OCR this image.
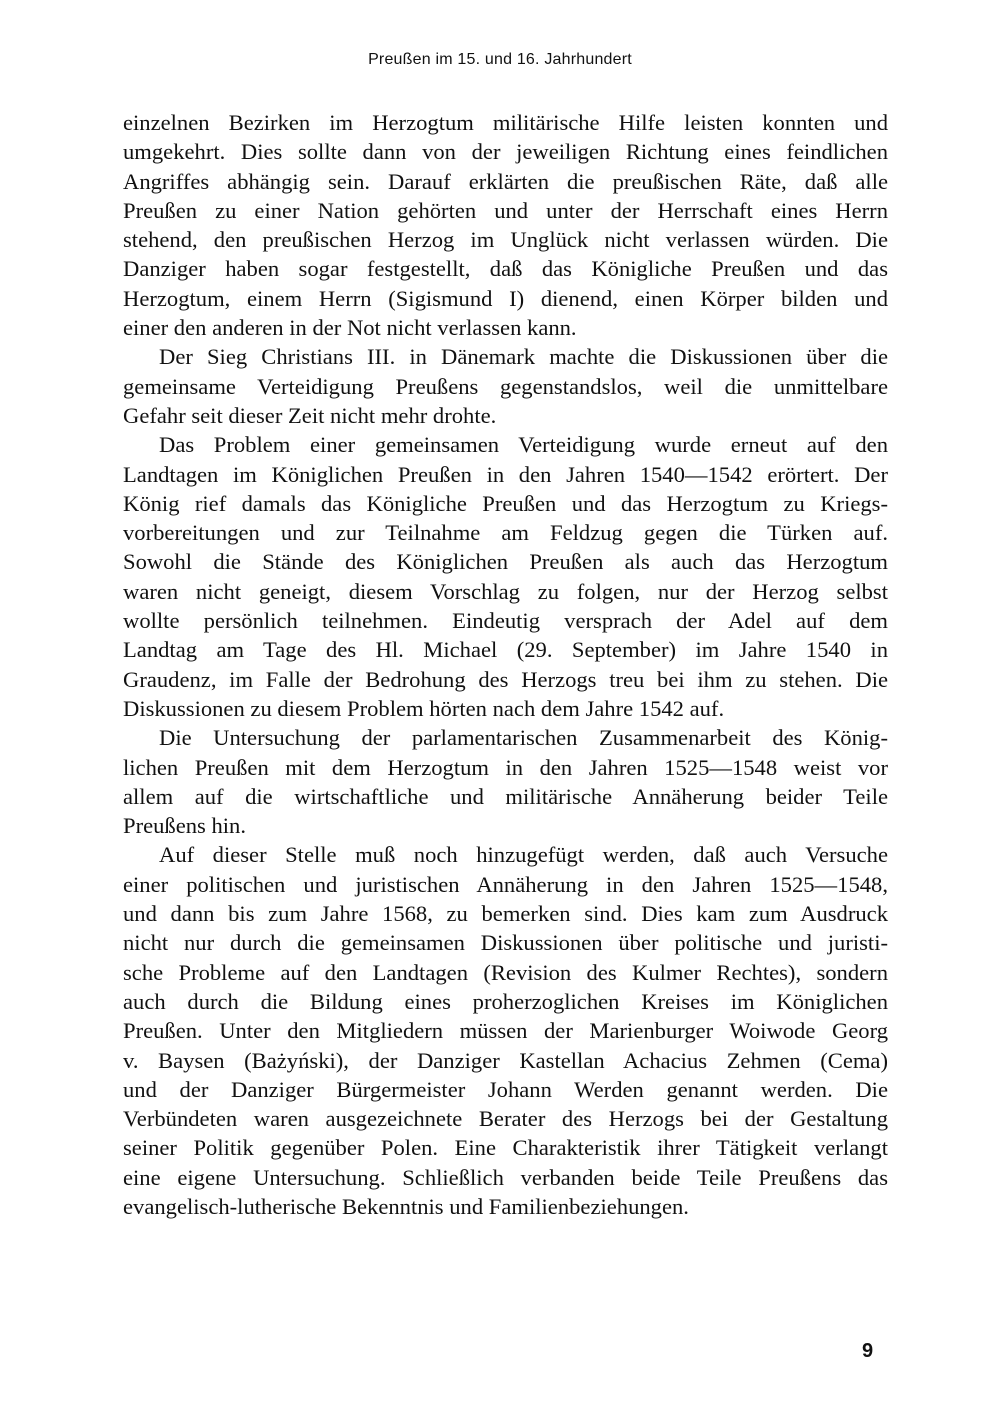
Preußen im 15. und 16. Jahrhundert

einzelnen Bezirken im Herzogtum militärische Hilfe leisten konnten und
umgekehrt. Dies sollte dann von der jeweiligen Richtung eines feindlichen
Angriffes abhängig sein. Darauf erklärten die preußischen Räte, daß alle
Preußen zu einer Nation gehörten und unter der Herrschaft eines Herrn
stehend, den preußischen Herzog im Unglück nicht verlassen würden. Die
Danziger haben sogar festgestellt, daß das Königliche Preußen und das
Herzogtum, einem Herrn (Sigismund I) dienend, einen Körper bilden und
einer den anderen in der Not nicht verlassen kann.

Der Sieg Christians III. in Dänemark machte die Diskussionen über die
gemeinsame Verteidigung Preußens gegenstandslos, weil die unmittelbare
Gefahr seit dieser Zeit nicht mehr drohte.

Das Problem einer gemeinsamen Verteidigung wurde erneut auf den
Landtagen im Königlichen Preußen in den Jahren 1540—1542 erörtert. Der
König rief damals das Königliche Preußen und das Herzogtum zu Kriegs-
vorbereitungen und zur Teilnahme am Feldzug gegen die Türken auf.
Sowohl die Stände des Königlichen Preußen als auch das Herzogtum
waren nicht geneigt, diesem Vorschlag zu folgen, nur der Herzog selbst
wollte persönlich teilnehmen. Eindeutig versprach der Adel auf dem
Landtag am Tage des Hl. Michael (29. September) im Jahre 1540 in
Graudenz, im Falle der Bedrohung des Herzogs treu bei ihm zu stehen. Die
Diskussionen zu diesem Problem hörten nach dem Jahre 1542 auf.

Die Untersuchung der parlamentarischen Zusammenarbeit des König-
lichen Preußen mit dem Herzogtum in den Jahren 1525—1548 weist vor
allem auf die wirtschaftliche und militärische Annäherung beider Teile
Preußens hin.

Auf dieser Stelle muß noch hinzugefügt werden, daß auch Versuche
einer politischen und juristischen Annäherung in den Jahren 1525—1548,
und dann bis zum Jahre 1568, zu bemerken sind. Dies kam zum Ausdruck
nicht nur durch die gemeinsamen Diskussionen über politische und juristi-
sche Probleme auf den Landtagen (Revision des Kulmer Rechtes), sondern
auch durch die Bildung eines proherzoglichen Kreises im Königlichen
Preußen. Unter den Mitgliedern müssen der Marienburger Woiwode Georg
v. Baysen (Bażyński), der Danziger Kastellan Achacius Zehmen (Cema)
und der Danziger Bürgermeister Johann Werden genannt werden. Die
Verbündeten waren ausgezeichnete Berater des Herzogs bei der Gestaltung
seiner Politik gegenüber Polen. Eine Charakteristik ihrer Tätigkeit verlangt
eine eigene Untersuchung. Schließlich verbanden beide Teile Preußens das
evangelisch-lutherische Bekenntnis und Familienbeziehungen.

9
